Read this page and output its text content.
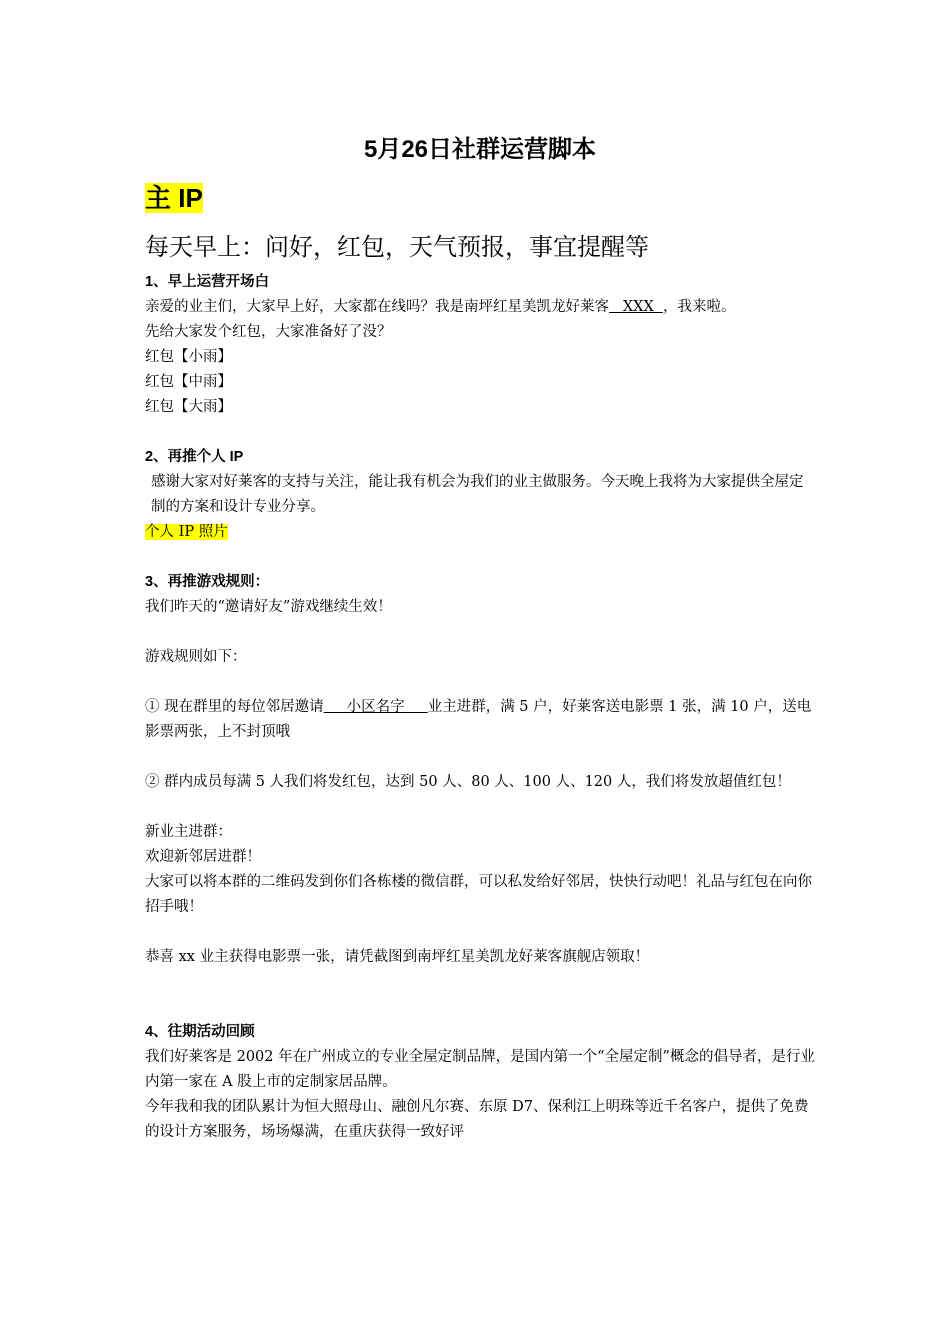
5月26日社群运营脚本
主 IP
每天早上：问好，红包，天气预报，事宜提醒等
1、早上运营开场白

亲爱的业主们，大家早上好，大家都在线吗？我是南坪红星美凯龙好莱客   XXX  ，我来啦。

先给大家发个红包，大家准备好了没？

红包【小雨】

红包【中雨】

红包【大雨】

2、再推个人 IP

感谢大家对好莱客的支持与关注，能让我有机会为我们的业主做服务。今天晚上我将为大家提供全屋定制的方案和设计专业分享。

个人 IP 照片

3、再推游戏规则：

我们昨天的“邀请好友”游戏继续生效！

游戏规则如下：

① 现在群里的每位邻居邀请     小区名字     业主进群，满 5 户，好莱客送电影票 1 张，满 10 户，送电影票两张，上不封顶哦

② 群内成员每满 5 人我们将发红包，达到 50 人、80 人、100 人、120 人，我们将发放超值红包！

新业主进群：

欢迎新邻居进群！

大家可以将本群的二维码发到你们各栋楼的微信群，可以私发给好邻居，快快行动吧！礼品与红包在向你招手哦！

恭喜 xx 业主获得电影票一张，请凭截图到南坪红星美凯龙好莱客旗舰店领取！

4、往期活动回顾

我们好莱客是 2002 年在广州成立的专业全屋定制品牌，是国内第一个“全屋定制”概念的倡导者，是行业内第一家在 A 股上市的定制家居品牌。

今年我和我的团队累计为恒大照母山、融创凡尔赛、东原 D7、保利江上明珠等近千名客户，提供了免费的设计方案服务，场场爆满，在重庆获得一致好评
